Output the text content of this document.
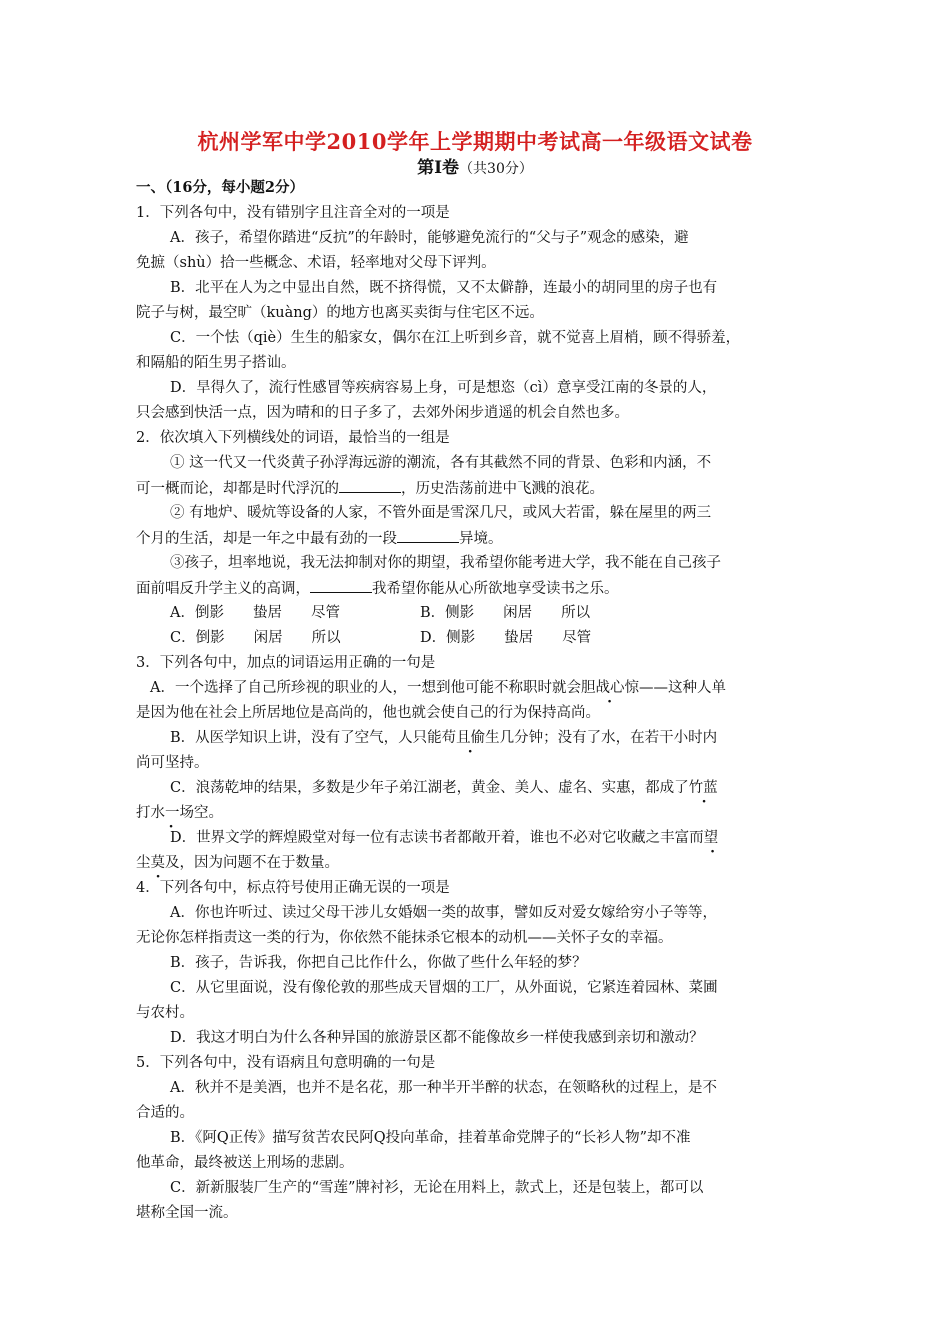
杭州学军中学2010学年上学期期中考试高一年级语文试卷
第Ⅰ卷（共30分）
一、（16分，每小题2分）
1．下列各句中，没有错别字且注音全对的一项是
A．孩子，希望你踏进“反抗”的年龄时，能够避免流行的“父与子”观念的感染，避
免摭（shù）拾一些概念、术语，轻率地对父母下评判。
B．北平在人为之中显出自然，既不挤得慌，又不太僻静，连最小的胡同里的房子也有
院子与树，最空旷（kuàng）的地方也离买卖街与住宅区不远。
C．一个怯（qiè）生生的船家女，偶尔在江上听到乡音，就不觉喜上眉梢，顾不得骄羞，
和隔船的陌生男子搭讪。
D．旱得久了，流行性感冒等疾病容易上身，可是想恣（cì）意享受江南的冬景的人，
只会感到快活一点，因为晴和的日子多了，去郊外闲步逍遥的机会自然也多。
2．依次填入下列横线处的词语，最恰当的一组是
① 这一代又一代炎黄子孙浮海远游的潮流，各有其截然不同的背景、色彩和内涵，不
可一概而论，却都是时代浮沉的	，历史浩荡前进中飞溅的浪花。
② 有地炉、暖炕等设备的人家，不管外面是雪深几尺，或风大若雷，躲在屋里的两三
个月的生活，却是一年之中最有劲的一段	异境。
③孩子，坦率地说，我无法抑制对你的期望，我希望你能考进大学，我不能在自己孩子
面前唱反升学主义的高调，	我希望你能从心所欲地享受读书之乐。
A．倒影　　蛰居　　尽管	B．侧影　　闲居　　所以
C．倒影　　闲居　　所以	D．侧影　　蛰居　　尽管
3．下列各句中，加点的词语运用正确的一句是
A．一个选择了自己所珍视的职业的人，一想到他可能不称职时就会胆战心惊——这种人单
是因为他在社会上所居地位是高尚的，他也就会使自己的行为保持高尚。
B．从医学知识上讲，没有了空气，人只能苟且偷生几分钟；没有了水，在若干小时内
尚可坚持。
C．浪荡乾坤的结果，多数是少年子弟江湖老，黄金、美人、虚名、实惠，都成了竹蓝
打水一场空 ·。
D．世界文学的辉煌殿堂对每一位有志读书者都敞开着，谁也不必对它收藏之丰富而望
尘莫及，因为问题不在于数量。
4．下列各句中，标点符号使用正确无误的一项是
A．你也许听过、读过父母干涉儿女婚姻一类的故事，譬如反对爱女嫁给穷小子等等，
无论你怎样指责这一类的行为，你依然不能抹杀它根本的动机——关怀子女的幸福。
B．孩子，告诉我，你把自己比作什么，你做了些什么年轻的梦？
C．从它里面说，没有像伦敦的那些成天冒烟的工厂，从外面说，它紧连着园林、菜圃
与农村。
D．我这才明白为什么各种异国的旅游景区都不能像故乡一样使我感到亲切和激动？
5．下列各句中，没有语病且句意明确的一句是
A．秋并不是美酒，也并不是名花，那一种半开半醉的状态，在领略秋的过程上，是不
合适的。
B．《阿Q正传》描写贫苦农民阿Q投向革命，挂着革命党牌子的“长衫人物”却不准
他革命，最终被送上刑场的悲剧。
C．新新服装厂生产的“雪莲”牌衬衫，无论在用料上，款式上，还是包装上，都可以
堪称全国一流。
